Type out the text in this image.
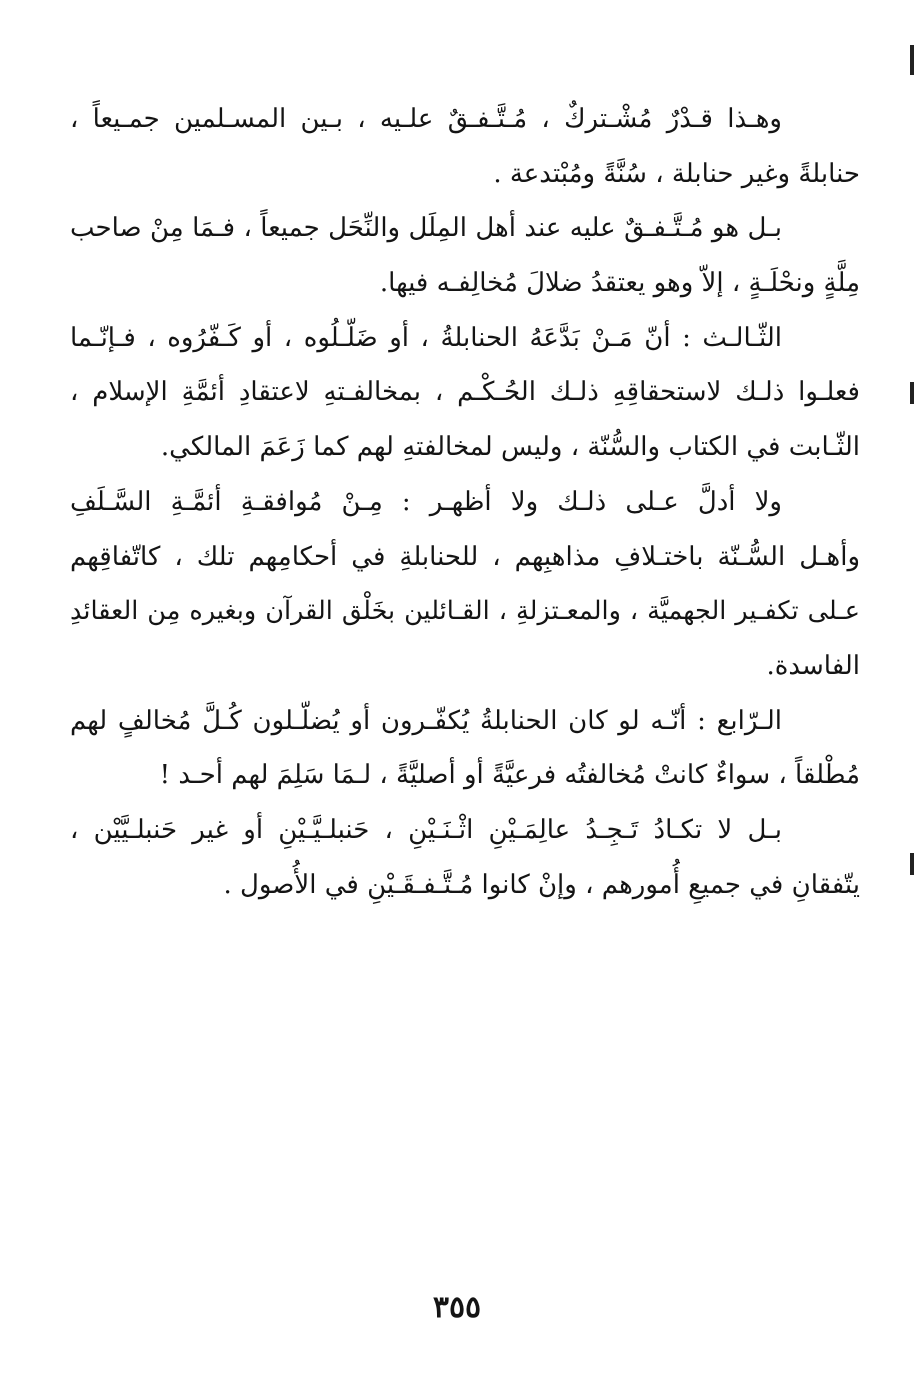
وهـذا قـدْرٌ مُشْـتركٌ ، مُـتَّـفـقٌ علـيه ، بـين المسـلمين جمـيعاً ،
حنابلةً وغير حنابلة ، سُنَّةً ومُبْتدعة .
بـل هو مُـتَّـفـقٌ عليه عند أهل المِلَل والنِّحَل جميعاً ، فـمَا مِنْ صاحب
مِلَّةٍ ونحْلَـةٍ ، إلاّ وهو يعتقدُ ضلالَ مُخالِفـه فيها.
الثّـالـث : أنّ مَـنْ بَدَّعَهُ الحنابلةُ ، أو ضَلّـلُوه ، أو كَـفّرُوه ، فـإنّـما
فعلـوا ذلـك لاستحقاقِهِ ذلـك الحُـكْـم ، بمخالفـتهِ لاعتقادِ أئمَّةِ الإسلام ،
الثّـابت في الكتاب والسُّنّة ، وليس لمخالفتهِ لهم كما زَعَمَ المالكي.
ولا أدلَّ عـلى ذلـك ولا أظهـر : مِـنْ مُوافقـةِ أئمَّـةِ السَّـلَفِ
وأهـل السُّـنّة باختـلافِ مذاهبِهم ، للحنابلةِ في أحكامِهم تلك ، كاتّفاقِهم
عـلى تكفـير الجهميَّة ، والمعـتزلةِ ، القـائلين بخَلْق القرآن وبغيره مِن العقائدِ
الفاسدة.
الـرّابع : أنّـه لو كان الحنابلةُ يُكفّـرون أو يُضلّـلون كُـلَّ مُخالفٍ لهم
مُطْلقاً ، سواءٌ كانتْ مُخالفتُه فرعيَّةً أو أصليَّةً ، لـمَا سَلِمَ لهم أحـد !
بـل لا تكـادُ تَـجِـدُ عالِمَـيْنِ اثْـنَـيْنِ ، حَنبلـيَّـيْنِ أو غير حَنبلـيَّيْن ،
يتّفقانِ في جميعِ أُمورهم ، وإنْ كانوا مُـتَّـفـقَـيْنِ في الأُصول .
٣٥٥
